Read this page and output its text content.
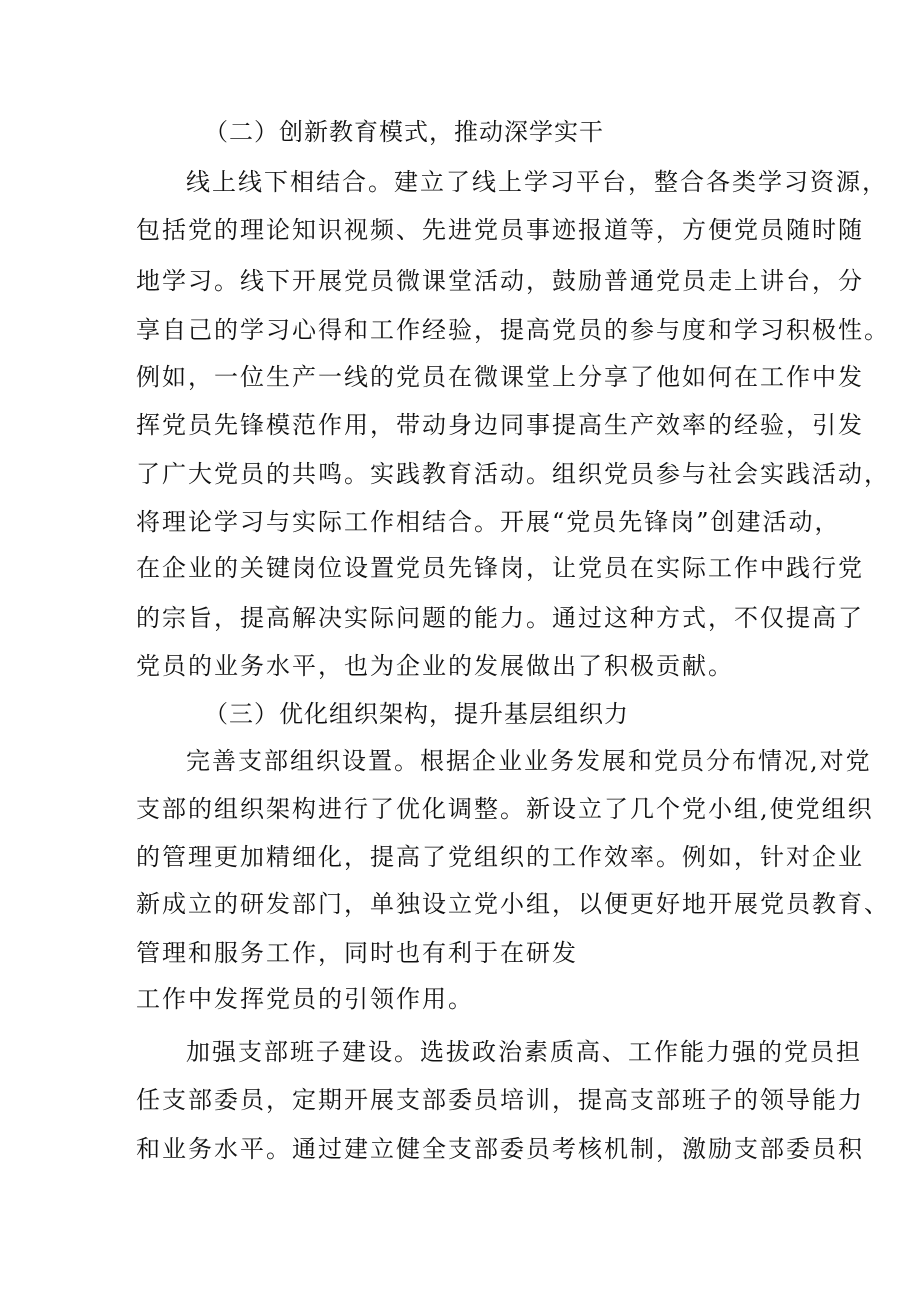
（二）创新教育模式，推动深学实干

线上线下相结合。建立了线上学习平台，整合各类学习资源，

包括党的理论知识视频、先进党员事迹报道等，方便党员随时随

地学习。线下开展党员微课堂活动，鼓励普通党员走上讲台，分

享自己的学习心得和工作经验，提高党员的参与度和学习积极性。

例如，一位生产一线的党员在微课堂上分享了他如何在工作中发

挥党员先锋模范作用，带动身边同事提高生产效率的经验，引发

了广大党员的共鸣。实践教育活动。组织党员参与社会实践活动，

将理论学习与实际工作相结合。开展“党员先锋岗”创建活动，

在企业的关键岗位设置党员先锋岗，让党员在实际工作中践行党

的宗旨，提高解决实际问题的能力。通过这种方式，不仅提高了

党员的业务水平，也为企业的发展做出了积极贡献。

（三）优化组织架构，提升基层组织力

完善支部组织设置。根据企业业务发展和党员分布情况,对党

支部的组织架构进行了优化调整。新设立了几个党小组,使党组织

的管理更加精细化，提高了党组织的工作效率。例如，针对企业

新成立的研发部门，单独设立党小组，以便更好地开展党员教育、

管理和服务工作，同时也有利于在研发

工作中发挥党员的引领作用。

加强支部班子建设。选拔政治素质高、工作能力强的党员担

任支部委员，定期开展支部委员培训，提高支部班子的领导能力

和业务水平。通过建立健全支部委员考核机制，激励支部委员积
